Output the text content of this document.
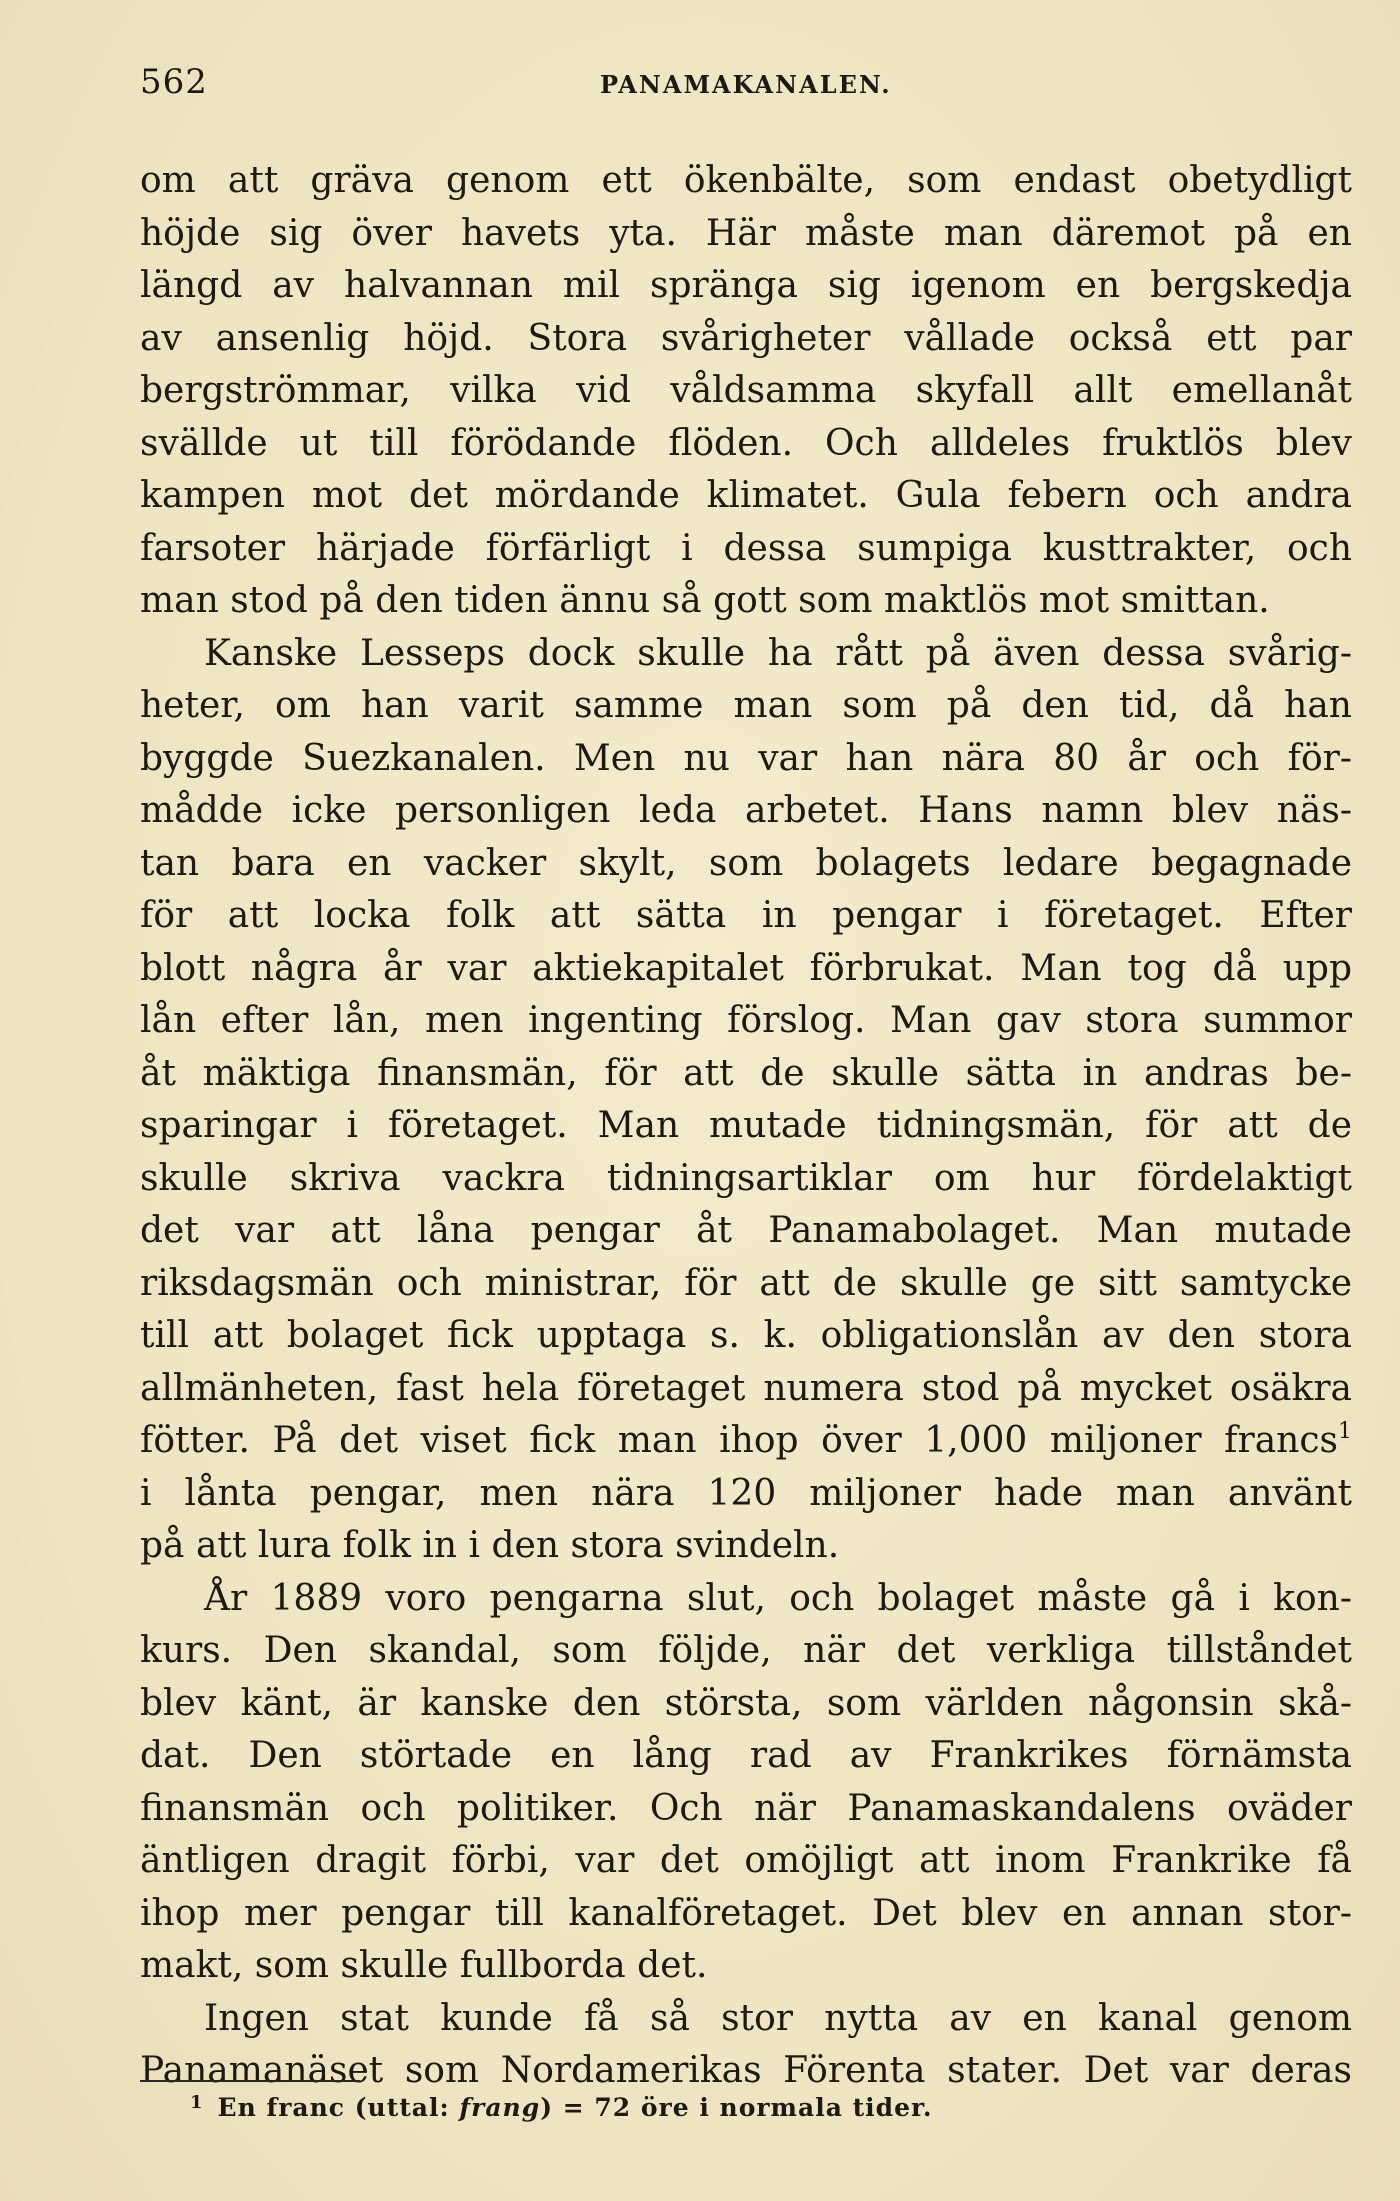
562	PANAMAKANALEN.
om att gräva genom ett ökenbälte, som endast obetydligt
höjde sig över havets yta. Här måste man däremot på en
längd av halvannan mil spränga sig igenom en bergskedja
av ansenlig höjd. Stora svårigheter vållade också ett par
bergströmmar, vilka vid våldsamma skyfall allt emellanåt
svällde ut till förödande flöden. Och alldeles fruktlös blev
kampen mot det mördande klimatet. Gula febern och andra
farsoter härjade förfärligt i dessa sumpiga kusttrakter, och
man stod på den tiden ännu så gott som maktlös mot smittan.
Kanske Lesseps dock skulle ha rått på även dessa svårig-
heter, om han varit samme man som på den tid, då han
byggde Suezkanalen. Men nu var han nära 80 år och för-
mådde icke personligen leda arbetet. Hans namn blev näs-
tan bara en vacker skylt, som bolagets ledare begagnade
för att locka folk att sätta in pengar i företaget. Efter
blott några år var aktiekapitalet förbrukat. Man tog då upp
lån efter lån, men ingenting förslog. Man gav stora summor
åt mäktiga finansmän, för att de skulle sätta in andras be-
sparingar i företaget. Man mutade tidningsmän, för att de
skulle skriva vackra tidningsartiklar om hur fördelaktigt
det var att låna pengar åt Panamabolaget. Man mutade
riksdagsmän och ministrar, för att de skulle ge sitt samtycke
till att bolaget fick upptaga s. k. obligationslån av den stora
allmänheten, fast hela företaget numera stod på mycket osäkra
fötter. På det viset fick man ihop över 1,000 miljoner francs$^1$
i lånta pengar, men nära 120 miljoner hade man använt
på att lura folk in i den stora svindeln.
År 1889 voro pengarna slut, och bolaget måste gå i kon-
kurs. Den skandal, som följde, när det verkliga tillståndet
blev känt, är kanske den största, som världen någonsin skå-
dat. Den störtade en lång rad av Frankrikes förnämsta
finansmän och politiker. Och när Panamaskandalens oväder
äntligen dragit förbi, var det omöjligt att inom Frankrike få
ihop mer pengar till kanalföretaget. Det blev en annan stor-
makt, som skulle fullborda det.
Ingen stat kunde få så stor nytta av en kanal genom
Panamanäset som Nordamerikas Förenta stater. Det var deras
$^1$ En franc (uttal: frang) = 72 öre i normala tider.
